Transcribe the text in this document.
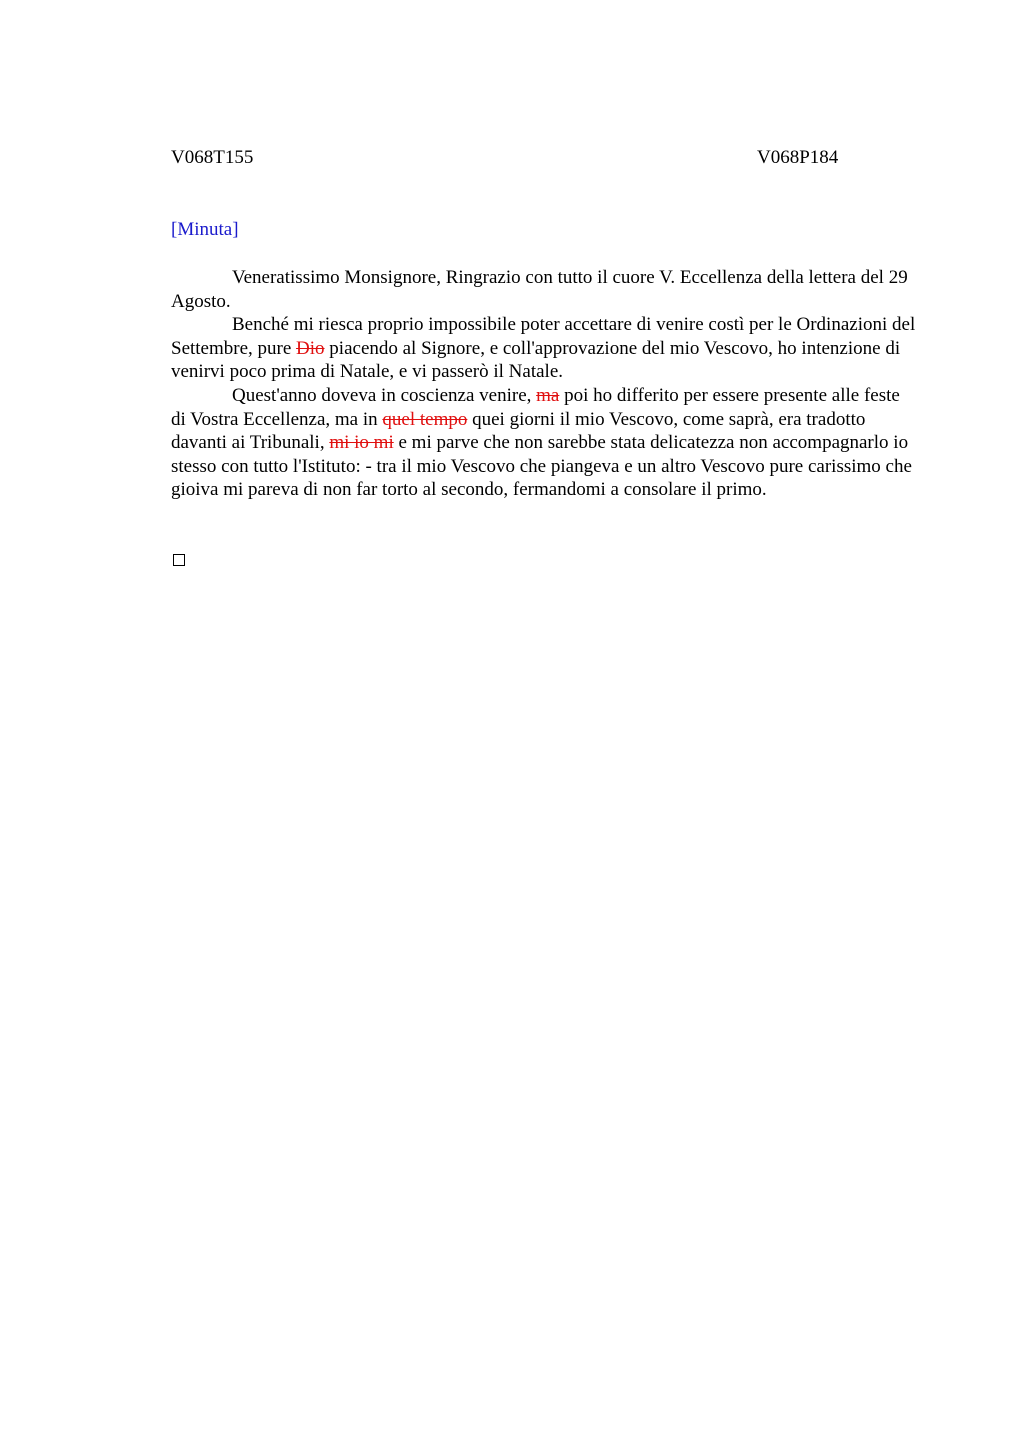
V068T155	V068P184
[Minuta]

Veneratissimo Monsignore, Ringrazio con tutto il cuore V. Eccellenza della lettera del 29 Agosto.

Benché mi riesca proprio impossibile poter accettare di venire costì per le Ordinazioni del Settembre, pure Dio piacendo al Signore, e coll'approvazione del mio Vescovo, ho intenzione di venirvi poco prima di Natale, e vi passerò il Natale.

Quest'anno doveva in coscienza venire, ma poi ho differito per essere presente alle feste di Vostra Eccellenza, ma in quel tempo quei giorni il mio Vescovo, come saprà, era tradotto davanti ai Tribunali, mi io mi e mi parve che non sarebbe stata delicatezza non accompagnarlo io stesso con tutto l'Istituto: - tra il mio Vescovo che piangeva e un altro Vescovo pure carissimo che gioiva mi pareva di non far torto al secondo, fermandomi a consolare il primo.
